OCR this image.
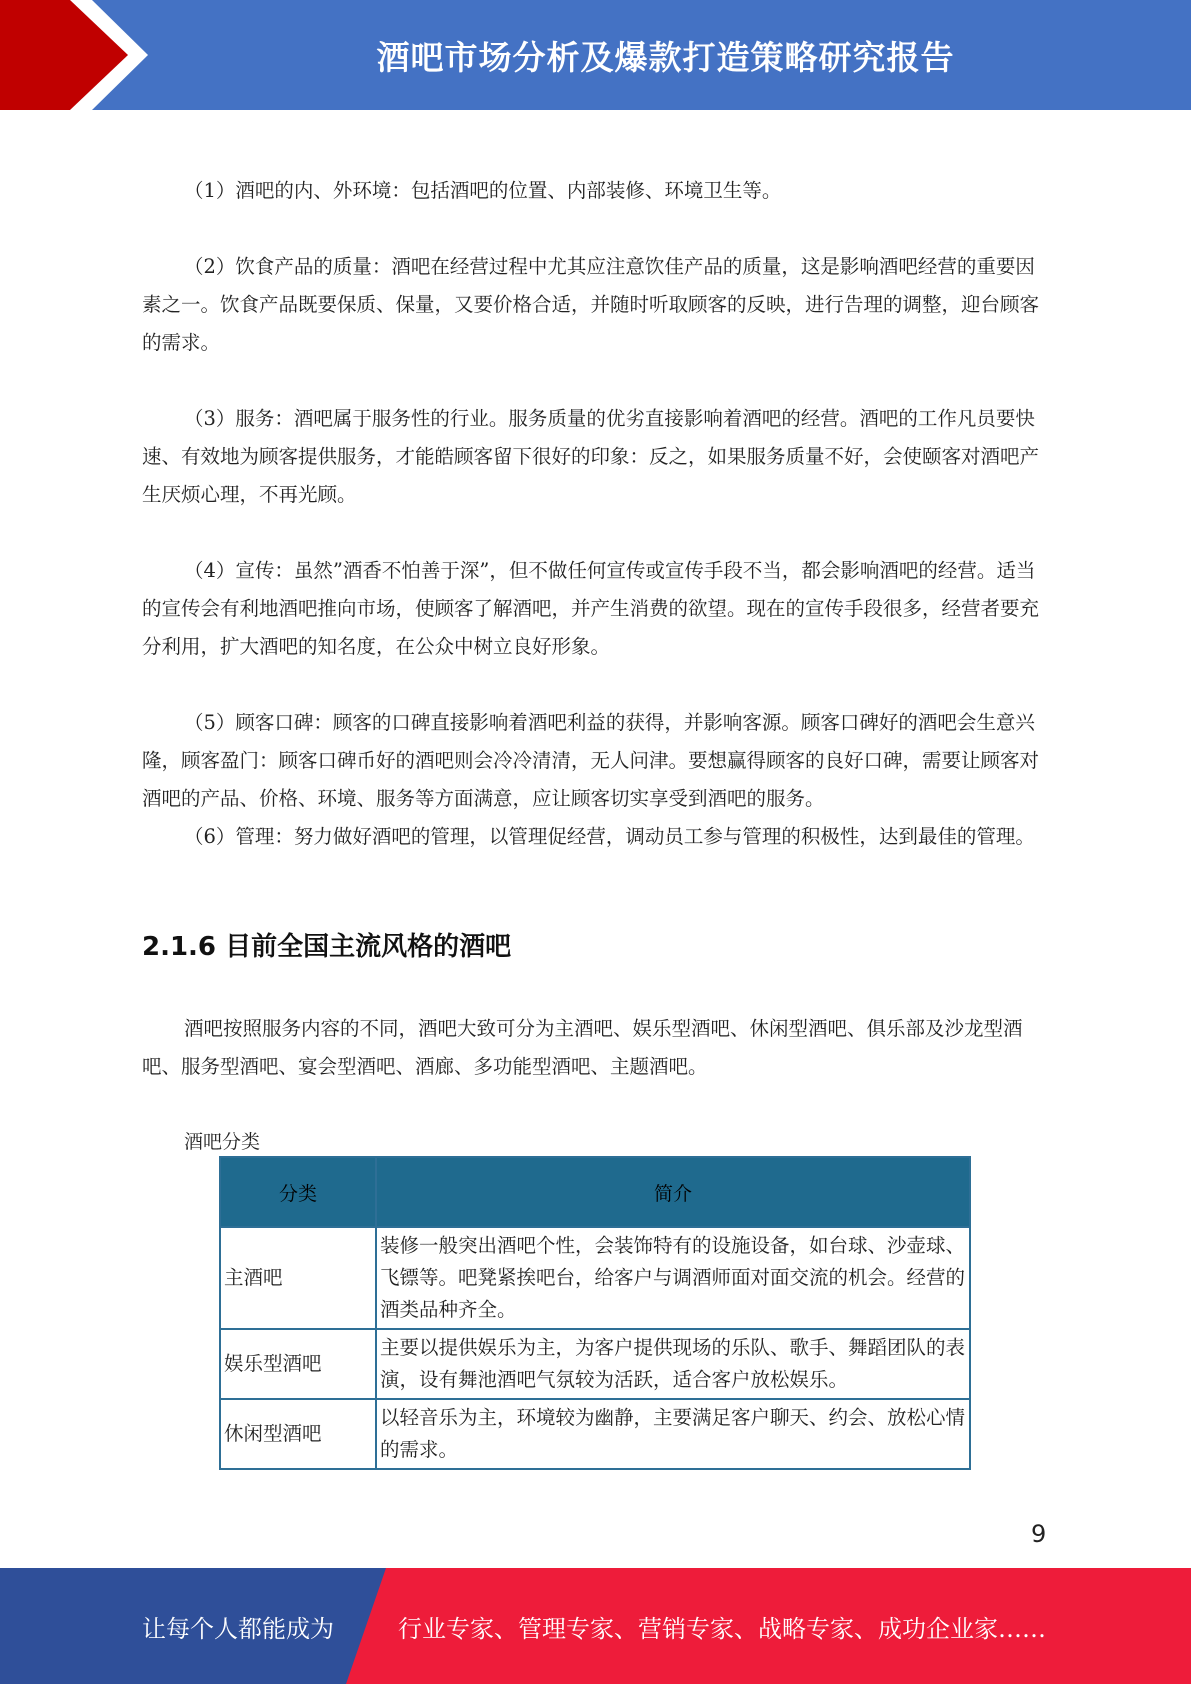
酒吧市场分析及爆款打造策略研究报告

（1）酒吧的内、外环境：包括酒吧的位置、内部装修、环境卫生等。

（2）饮食产品的质量：酒吧在经营过程中尤其应注意饮佳产品的质量，这是影响酒吧经营的重要因素之一。饮食产品既要保质、保量，又要价格合适，并随时听取顾客的反映，进行告理的调整，迎台顾客的需求。

（3）服务：酒吧属于服务性的行业。服务质量的优劣直接影响着酒吧的经营。酒吧的工作凡员要快速、有效地为顾客提供服务，才能皓顾客留下很好的印象：反之，如果服务质量不好，会使颐客对酒吧产生厌烦心理，不再光顾。

（4）宣传：虽然”酒香不怕善于深”，但不做任何宣传或宣传手段不当，都会影响酒吧的经营。适当的宣传会有利地酒吧推向市场，使顾客了解酒吧，并产生消费的欲望。现在的宣传手段很多，经营者要充分利用，扩大酒吧的知名度，在公众中树立良好形象。

（5）顾客口碑：顾客的口碑直接影响着酒吧利益的获得，并影响客源。顾客口碑好的酒吧会生意兴隆，顾客盈门：顾客口碑币好的酒吧则会冷冷清清，无人问津。要想赢得顾客的良好口碑，需要让顾客对酒吧的产品、价格、环境、服务等方面满意，应让顾客切实享受到酒吧的服务。

（6）管理：努力做好酒吧的管理，以管理促经营，调动员工参与管理的积极性，达到最佳的管理。

2.1.6 目前全国主流风格的酒吧

酒吧按照服务内容的不同，酒吧大致可分为主酒吧、娱乐型酒吧、休闲型酒吧、俱乐部及沙龙型酒吧、服务型酒吧、宴会型酒吧、酒廊、多功能型酒吧、主题酒吧。

酒吧分类
分类	简介
主酒吧	装修一般突出酒吧个性，会装饰特有的设施设备，如台球、沙壶球、飞镖等。吧凳紧挨吧台，给客户与调酒师面对面交流的机会。经营的酒类品种齐全。
娱乐型酒吧	主要以提供娱乐为主，为客户提供现场的乐队、歌手、舞蹈团队的表演，设有舞池酒吧气氛较为活跃，适合客户放松娱乐。
休闲型酒吧	以轻音乐为主，环境较为幽静，主要满足客户聊天、约会、放松心情的需求。
9
让每个人都能成为	行业专家、管理专家、营销专家、战略专家、成功企业家……
